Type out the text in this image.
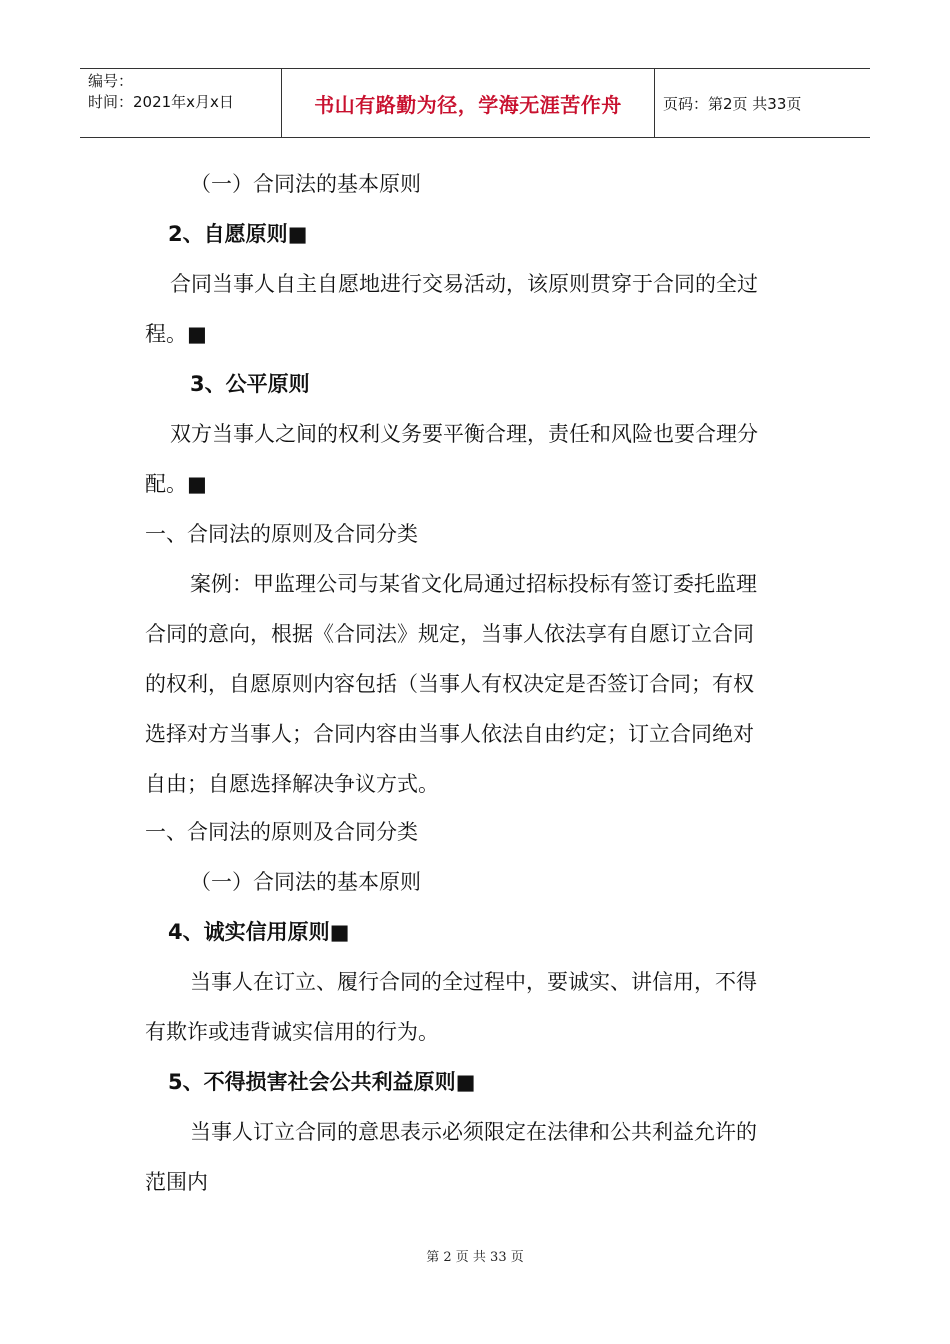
编号：
时间：2021年x月x日	书山有路勤为径，学海无涯苦作舟	页码：第2页 共33页
（一）合同法的基本原则
2、自愿原则■
合同当事人自主自愿地进行交易活动，该原则贯穿于合同的全过
程。■
3、公平原则
双方当事人之间的权利义务要平衡合理，责任和风险也要合理分
配。■
一、合同法的原则及合同分类
案例：甲监理公司与某省文化局通过招标投标有签订委托监理
合同的意向，根据《合同法》规定，当事人依法享有自愿订立合同
的权利，自愿原则内容包括（当事人有权决定是否签订合同；有权
选择对方当事人；合同内容由当事人依法自由约定；订立合同绝对
自由；自愿选择解决争议方式。
一、合同法的原则及合同分类
（一）合同法的基本原则
4、诚实信用原则■
当事人在订立、履行合同的全过程中，要诚实、讲信用，不得
有欺诈或违背诚实信用的行为。
5、不得损害社会公共利益原则■
当事人订立合同的意思表示必须限定在法律和公共利益允许的
范围内
第 2 页 共 33 页
